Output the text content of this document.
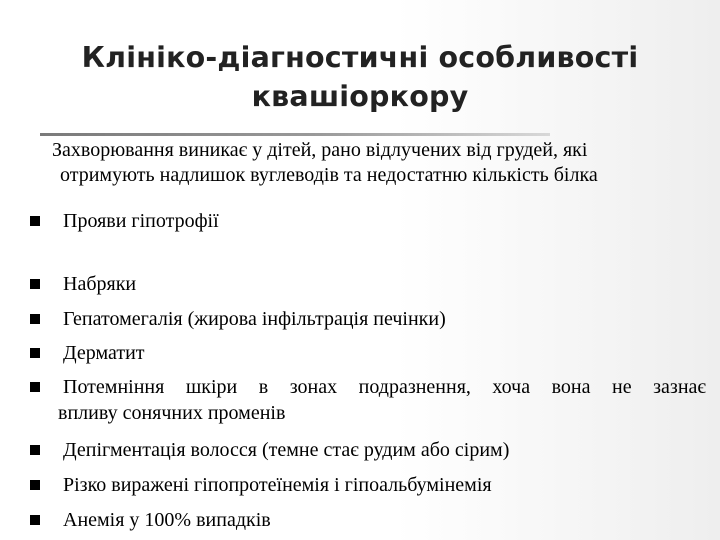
Клініко-діагностичні особливості
квашіоркору
Захворювання виникає у дітей, рано відлучених від грудей, які
отримують надлишок вуглеводів та недостатню кількість білка
Прояви гіпотрофії
Набряки
Гепатомегалія (жирова інфільтрація печінки)
Дерматит
Потемніння шкіри в зонах подразнення, хоча вона не зазнає
впливу сонячних променів
Депігментація волосся (темне стає рудим або сірим)
Різко виражені гіпопротеїнемія і гіпоальбумінемія
Анемія у 100% випадків
